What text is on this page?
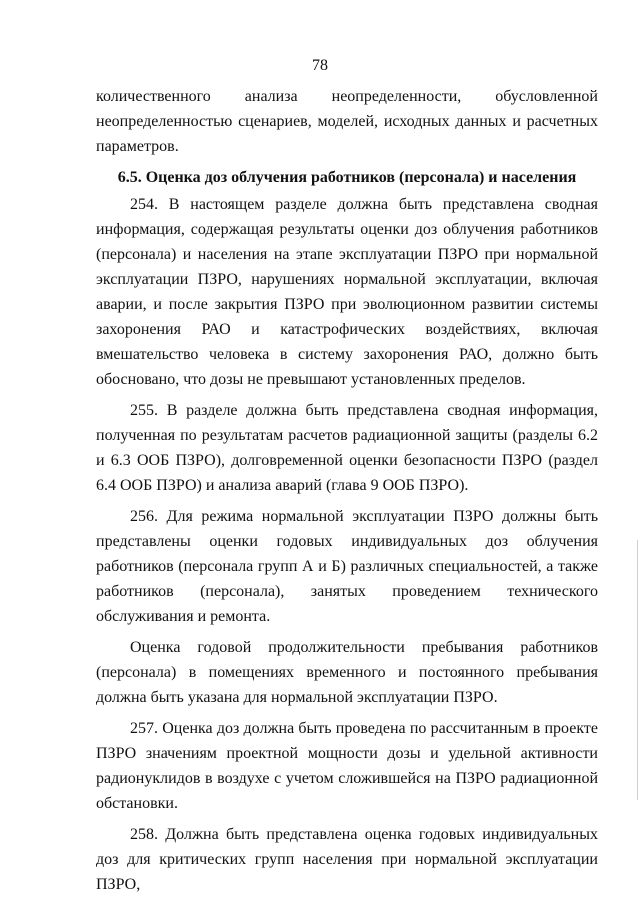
78

количественного анализа неопределенности, обусловленной неопределенностью сценариев, моделей, исходных данных и расчетных параметров.

6.5. Оценка доз облучения работников (персонала) и населения

254. В настоящем разделе должна быть представлена сводная информация, содержащая результаты оценки доз облучения работников (персонала) и населения на этапе эксплуатации ПЗРО при нормальной эксплуатации ПЗРО, нарушениях нормальной эксплуатации, включая аварии, и после закрытия ПЗРО при эволюционном развитии системы захоронения РАО и катастрофических воздействиях, включая вмешательство человека в систему захоронения РАО, должно быть обосновано, что дозы не превышают установленных пределов.

255. В разделе должна быть представлена сводная информация, полученная по результатам расчетов радиационной защиты (разделы 6.2 и 6.3 ООБ ПЗРО), долговременной оценки безопасности ПЗРО (раздел 6.4 ООБ ПЗРО) и анализа аварий (глава 9 ООБ ПЗРО).

256. Для режима нормальной эксплуатации ПЗРО должны быть представлены оценки годовых индивидуальных доз облучения работников (персонала групп А и Б) различных специальностей, а также работников (персонала), занятых проведением технического обслуживания и ремонта.

Оценка годовой продолжительности пребывания работников (персонала) в помещениях временного и постоянного пребывания должна быть указана для нормальной эксплуатации ПЗРО.

257. Оценка доз должна быть проведена по рассчитанным в проекте ПЗРО значениям проектной мощности дозы и удельной активности радионуклидов в воздухе с учетом сложившейся на ПЗРО радиационной обстановки.

258. Должна быть представлена оценка годовых индивидуальных доз для критических групп населения при нормальной эксплуатации ПЗРО,
